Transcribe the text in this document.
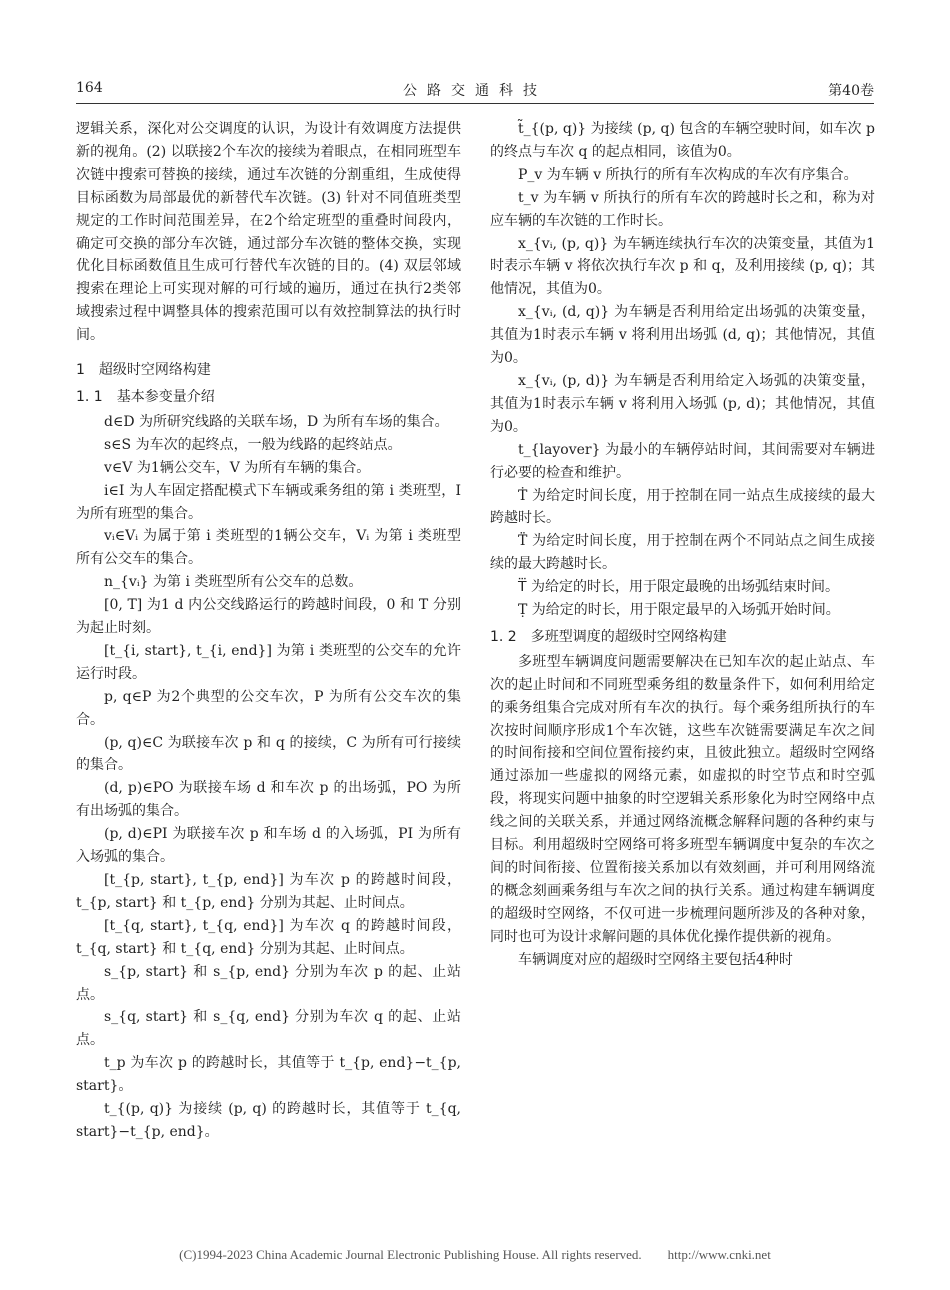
164	公路交通科技	第40卷

逻辑关系，深化对公交调度的认识，为设计有效调度方法提供新的视角。(2) 以联接2个车次的接续为着眼点，在相同班型车次链中搜索可替换的接续，通过车次链的分割重组，生成使得目标函数为局部最优的新替代车次链。(3) 针对不同值班类型规定的工作时间范围差异，在2个给定班型的重叠时间段内，确定可交换的部分车次链，通过部分车次链的整体交换，实现优化目标函数值且生成可行替代车次链的目的。(4) 双层邻域搜索在理论上可实现对解的可行域的遍历，通过在执行2类邻域搜索过程中调整具体的搜索范围可以有效控制算法的执行时间。

1　超级时空网络构建
1. 1　基本参变量介绍

d∈D 为所研究线路的关联车场，D 为所有车场的集合。

s∈S 为车次的起终点，一般为线路的起终站点。

v∈V 为1辆公交车，V 为所有车辆的集合。

i∈I 为人车固定搭配模式下车辆或乘务组的第 i 类班型，I 为所有班型的集合。

vᵢ∈Vᵢ 为属于第 i 类班型的1辆公交车，Vᵢ 为第 i 类班型所有公交车的集合。

n_{vᵢ} 为第 i 类班型所有公交车的总数。

[0, T] 为1 d 内公交线路运行的跨越时间段，0 和 T 分别为起止时刻。

[t_{i, start}, t_{i, end}] 为第 i 类班型的公交车的允许运行时段。

p, q∈P 为2个典型的公交车次，P 为所有公交车次的集合。

(p, q)∈C 为联接车次 p 和 q 的接续，C 为所有可行接续的集合。

(d, p)∈PO 为联接车场 d 和车次 p 的出场弧，PO 为所有出场弧的集合。

(p, d)∈PI 为联接车次 p 和车场 d 的入场弧，PI 为所有入场弧的集合。

[t_{p, start}, t_{p, end}] 为车次 p 的跨越时间段，t_{p, start} 和 t_{p, end} 分别为其起、止时间点。

[t_{q, start}, t_{q, end}] 为车次 q 的跨越时间段，t_{q, start} 和 t_{q, end} 分别为其起、止时间点。

s_{p, start} 和 s_{p, end} 分别为车次 p 的起、止站点。

s_{q, start} 和 s_{q, end} 分别为车次 q 的起、止站点。

t_p 为车次 p 的跨越时长，其值等于 t_{p, end}−t_{p, start}。

t_{(p, q)} 为接续 (p, q) 的跨越时长，其值等于 t_{q, start}−t_{p, end}。

t̃_{(p, q)} 为接续 (p, q) 包含的车辆空驶时间，如车次 p 的终点与车次 q 的起点相同，该值为0。

P_v 为车辆 v 所执行的所有车次构成的车次有序集合。

t_v 为车辆 v 所执行的所有车次的跨越时长之和，称为对应车辆的车次链的工作时长。

x_{vᵢ, (p, q)} 为车辆连续执行车次的决策变量，其值为1时表示车辆 v 将依次执行车次 p 和 q，及利用接续 (p, q)；其他情况，其值为0。

x_{vᵢ, (d, q)} 为车辆是否利用给定出场弧的决策变量，其值为1时表示车辆 v 将利用出场弧 (d, q)；其他情况，其值为0。

x_{vᵢ, (p, d)} 为车辆是否利用给定入场弧的决策变量，其值为1时表示车辆 v 将利用入场弧 (p, d)；其他情况，其值为0。

t_{layover} 为最小的车辆停站时间，其间需要对车辆进行必要的检查和维护。

Ṫ 为给定时间长度，用于控制在同一站点生成接续的最大跨越时长。

T̈ 为给定时间长度，用于控制在两个不同站点之间生成接续的最大跨越时长。

T⃛ 为给定的时长，用于限定最晚的出场弧结束时间。

Ṭ 为给定的时长，用于限定最早的入场弧开始时间。

1. 2　多班型调度的超级时空网络构建

多班型车辆调度问题需要解决在已知车次的起止站点、车次的起止时间和不同班型乘务组的数量条件下，如何利用给定的乘务组集合完成对所有车次的执行。每个乘务组所执行的车次按时间顺序形成1个车次链，这些车次链需要满足车次之间的时间衔接和空间位置衔接约束，且彼此独立。超级时空网络通过添加一些虚拟的网络元素，如虚拟的时空节点和时空弧段，将现实问题中抽象的时空逻辑关系形象化为时空网络中点线之间的关联关系，并通过网络流概念解释问题的各种约束与目标。利用超级时空网络可将多班型车辆调度中复杂的车次之间的时间衔接、位置衔接关系加以有效刻画，并可利用网络流的概念刻画乘务组与车次之间的执行关系。通过构建车辆调度的超级时空网络，不仅可进一步梳理问题所涉及的各种对象，同时也可为设计求解问题的具体优化操作提供新的视角。

车辆调度对应的超级时空网络主要包括4种时

(C)1994-2023 China Academic Journal Electronic Publishing House. All rights reserved.　　http://www.cnki.net
